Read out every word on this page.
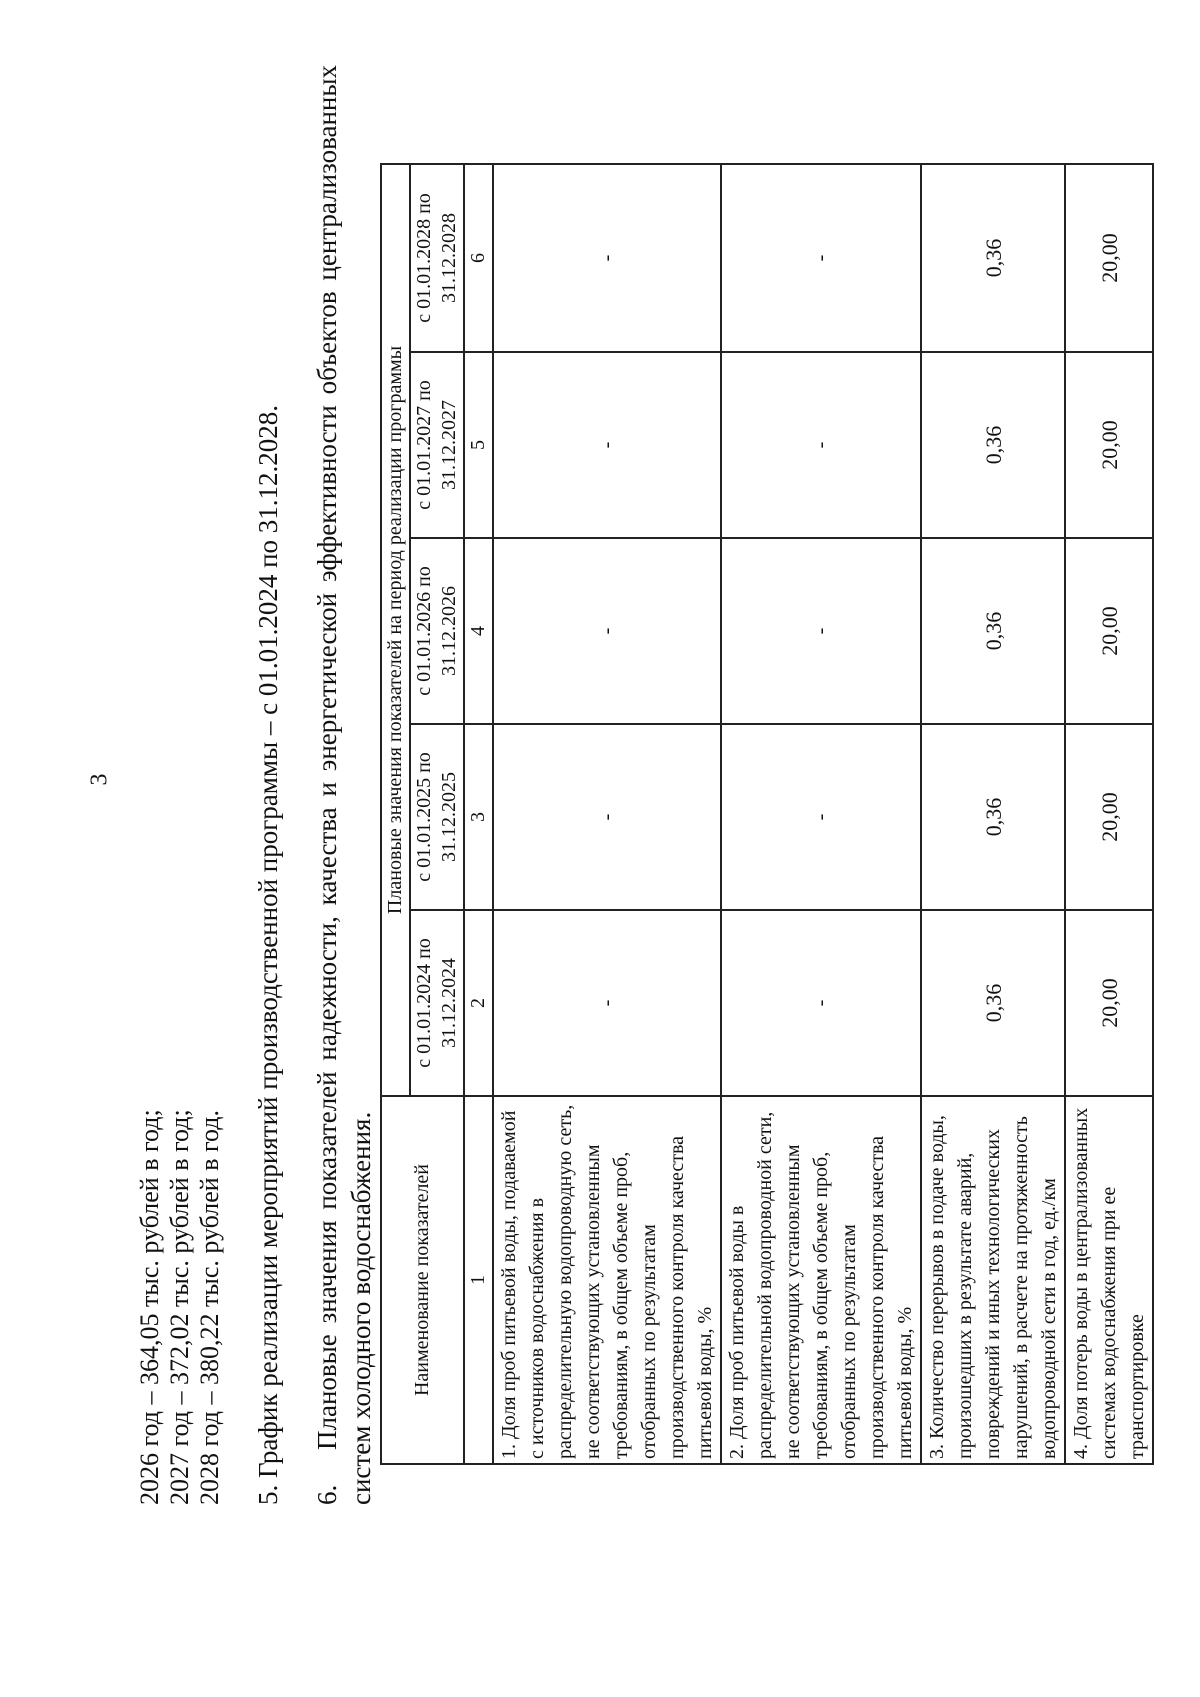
3
2026 год – 364,05 тыс. рублей в год; 2027 год – 372,02 тыс. рублей в год; 2028 год – 380,22 тыс. рублей в год. 5. График реализации мероприятий производственной программы – с 01.01.2024 по 31.12.2028. 6.Плановые значения показателей надежности, качества и энергетической эффективности объектов централизованных систем холодного водоснабжения. Наименование показателей	Плановые значения показателей на период реализации программы				
	с 01.01.2024 по 31.12.2024	с 01.01.2025 по 31.12.2025	с 01.01.2026 по 31.12.2026	с 01.01.2027 по 31.12.2027	с 01.01.2028 по 31.12.2028
1	2	3	4	5	6
1. Доля проб питьевой воды, подаваемой с источников водоснабжения в распределительную водопроводную сеть, не соответствующих установленным требованиям, в общем объеме проб, отобранных по результатам производственного контроля качества питьевой воды, %	-	-	-	-	-
2. Доля проб питьевой воды в распределительной водопроводной сети, не соответствующих установленным требованиям, в общем объеме проб, отобранных по результатам производственного контроля качества питьевой воды, %	-	-	-	-	-
3. Количество перерывов в подаче воды, произошедших в результате аварий, повреждений и иных технологических нарушений, в расчете на протяженность водопроводной сети в год, ед./км	0,36	0,36	0,36	0,36	0,36
4. Доля потерь воды в централизованных системах водоснабжения при ее транспортировке	20,00	20,00	20,00	20,00	20,00
